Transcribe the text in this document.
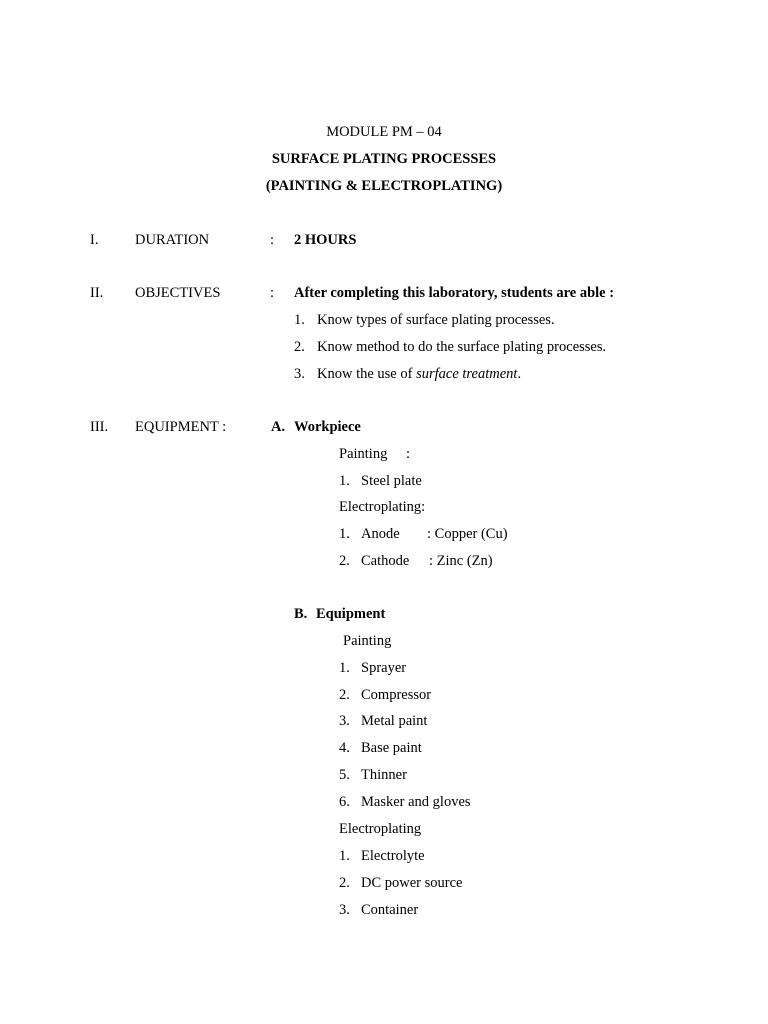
MODULE PM – 04
SURFACE PLATING PROCESSES
(PAINTING & ELECTROPLATING)
I.	DURATION	: 2 HOURS
II. OBJECTIVES	: After completing this laboratory, students are able :
1. Know types of surface plating processes.
2. Know method to do the surface plating processes.
3. Know the use of surface treatment.
III. EQUIPMENT :	A. Workpiece
Painting :
1. Steel plate
Electroplating:
1. Anode : Copper (Cu)
2. Cathode : Zinc (Zn)
B. Equipment
Painting
1. Sprayer
2. Compressor
3. Metal paint
4. Base paint
5. Thinner
6. Masker and gloves
Electroplating
1. Electrolyte
2. DC power source
3. Container
